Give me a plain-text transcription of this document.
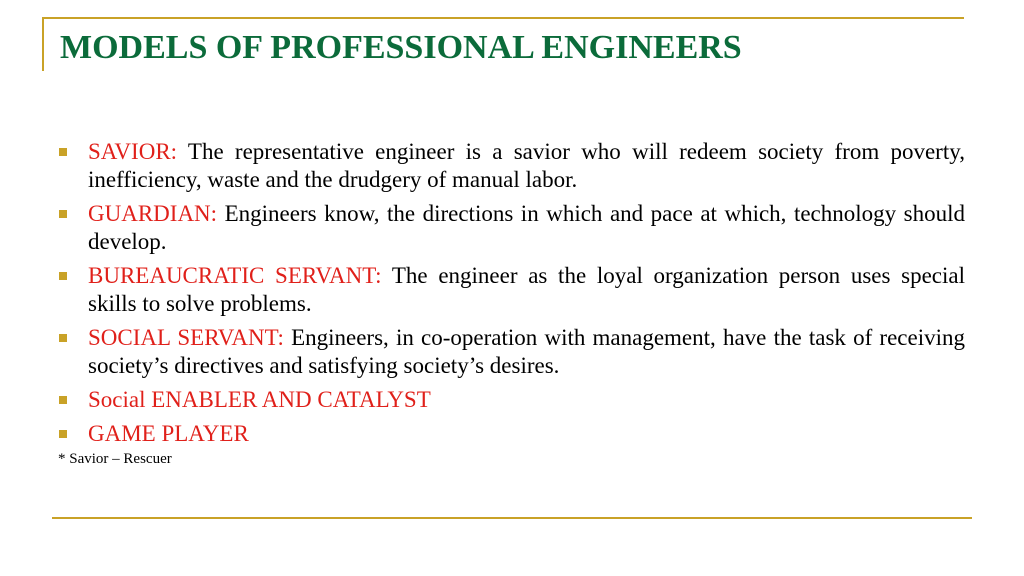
MODELS OF PROFESSIONAL ENGINEERS
SAVIOR: The representative engineer is a savior who will redeem society from poverty, inefficiency, waste and the drudgery of manual labor.
GUARDIAN: Engineers know, the directions in which and pace at which, technology should develop.
BUREAUCRATIC SERVANT: The engineer as the loyal organization person uses special skills to solve problems.
SOCIAL SERVANT: Engineers, in co-operation with management, have the task of receiving society’s directives and satisfying society’s desires.
Social ENABLER AND CATALYST
GAME PLAYER

* Savior – Rescuer
